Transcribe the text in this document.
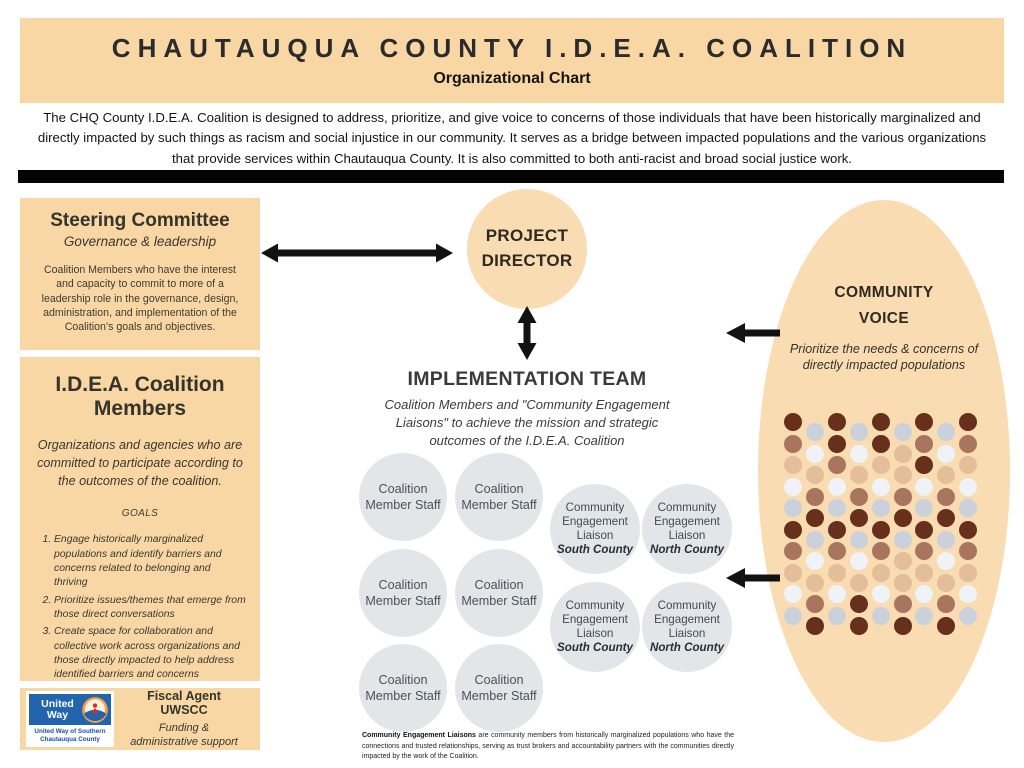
CHAUTAUQUA COUNTY I.D.E.A. COALITION
Organizational Chart
The CHQ County I.D.E.A. Coalition is designed to address, prioritize, and give voice to concerns of those individuals that have been historically marginalized and directly impacted by such things as racism and social injustice in our community. It serves as a bridge between impacted populations and the various organizations that provide services within Chautauqua County. It is also committed to both anti-racist and broad social justice work.
Steering Committee
Governance & leadership
Coalition Members who have the interest and capacity to commit to more of a leadership role in the governance, design, administration, and implementation of the Coalition’s goals and objectives.
I.D.E.A. Coalition Members
Organizations and agencies who are committed to participate according to the outcomes of the coalition.
GOALS
1. Engage historically marginalized populations and identify barriers and concerns related to belonging and thriving
2. Prioritize issues/themes that emerge from those direct conversations
3. Create space for collaboration and collective work across organizations and those directly impacted to help address identified barriers and concerns
United
Way
United Way of Southern
Chautauqua County
Fiscal Agent
UWSCC
Funding &
administrative support
PROJECT DIRECTOR
IMPLEMENTATION TEAM
Coalition Members and "Community Engagement Liaisons" to achieve the mission and strategic outcomes of the I.D.E.A. Coalition
Coalition Member Staff
Coalition Member Staff
Coalition Member Staff
Coalition Member Staff
Coalition Member Staff
Coalition Member Staff
Community
Engagement
Liaison
South County
Community
Engagement
Liaison
North County
Community
Engagement
Liaison
South County
Community
Engagement
Liaison
North County
COMMUNITY
VOICE
Prioritize the needs & concerns of directly impacted populations
Community Engagement Liaisons are community members from historically marginalized populations who have the connections and trusted relationships, serving as trust brokers and accountability partners with the communities directly impacted by the work of the Coalition.
